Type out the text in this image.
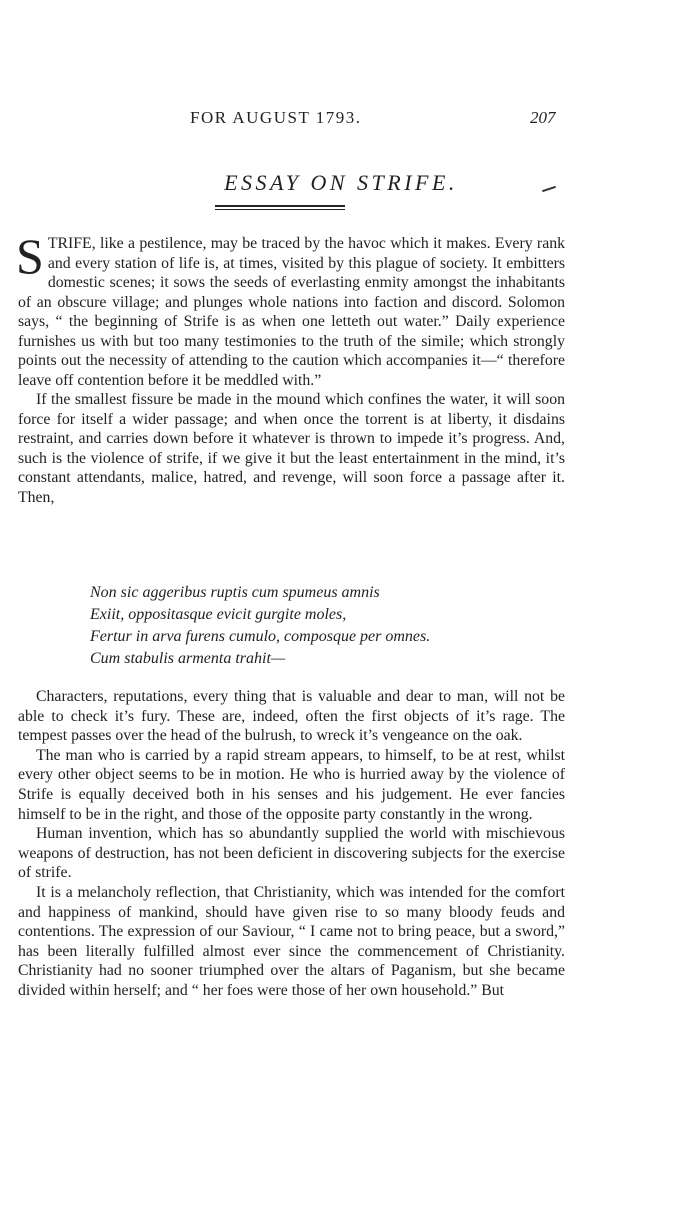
FOR AUGUST 1793.	207
ESSAY ON STRIFE.

STRIFE, like a pestilence, may be traced by the havoc which it makes. Every rank and every station of life is, at times, visited by this plague of society. It embitters domestic scenes; it sows the seeds of everlasting enmity amongst the inhabitants of an obscure village; and plunges whole nations into faction and discord. Solomon says, “ the beginning of Strife is as when one letteth out water.” Daily experience furnishes us with but too many testimonies to the truth of the simile; which strongly points out the necessity of attending to the caution which accompanies it—“ therefore leave off contention before it be meddled with.”

If the smallest fissure be made in the mound which confines the water, it will soon force for itself a wider passage; and when once the torrent is at liberty, it disdains restraint, and carries down before it whatever is thrown to impede it’s progress. And, such is the violence of strife, if we give it but the least entertainment in the mind, it’s constant attendants, malice, hatred, and revenge, will soon force a passage after it. Then,

Non sic aggeribus ruptis cum spumeus amnis
Exiit, oppositasque evicit gurgite moles,
Fertur in arva furens cumulo, composque per omnes.
Cum stabulis armenta trahit—

Characters, reputations, every thing that is valuable and dear to man, will not be able to check it’s fury. These are, indeed, often the first objects of it’s rage. The tempest passes over the head of the bulrush, to wreck it’s vengeance on the oak.

The man who is carried by a rapid stream appears, to himself, to be at rest, whilst every other object seems to be in motion. He who is hurried away by the violence of Strife is equally deceived both in his senses and his judgement. He ever fancies himself to be in the right, and those of the opposite party constantly in the wrong.

Human invention, which has so abundantly supplied the world with mischievous weapons of destruction, has not been deficient in discovering subjects for the exercise of strife.

It is a melancholy reflection, that Christianity, which was intended for the comfort and happiness of mankind, should have given rise to so many bloody feuds and contentions. The expression of our Saviour, “ I came not to bring peace, but a sword,” has been literally fulfilled almost ever since the commencement of Christianity. Christianity had no sooner triumphed over the altars of Paganism, but she became divided within herself; and “ her foes were those of her own household.” But
